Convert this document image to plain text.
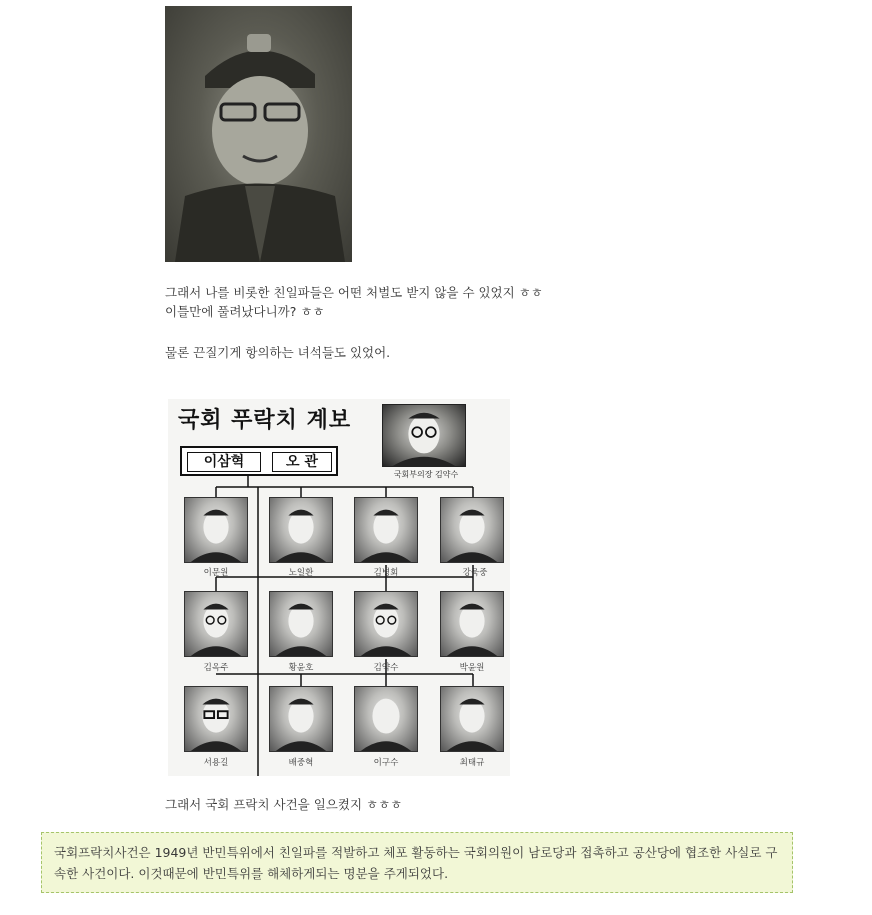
그래서 나를 비롯한 친일파들은 어떤 처벌도 받지 않을 수 있었지 ㅎㅎ
이틀만에 풀려났다니까? ㅎㅎ
물론 끈질기게 항의하는 녀석들도 있었어.
국회 푸락치 계보
이삼혁	오 관
국회부의장 김약수
이문원	노일환	김병회	강욱중
김옥주	황윤호	김약수	박윤원
서용길	배중혁	이구수	최태규
그래서 국회 프락치 사건을 일으켰지 ㅎㅎㅎ
국회프락치사건은 1949년 반민특위에서 친일파를 적발하고 체포 활동하는 국회의원이 남로당과 접촉하고 공산당에 협조한 사실로 구
속한 사건이다. 이것때문에 반민특위를 해체하게되는 명분을 주게되었다.
